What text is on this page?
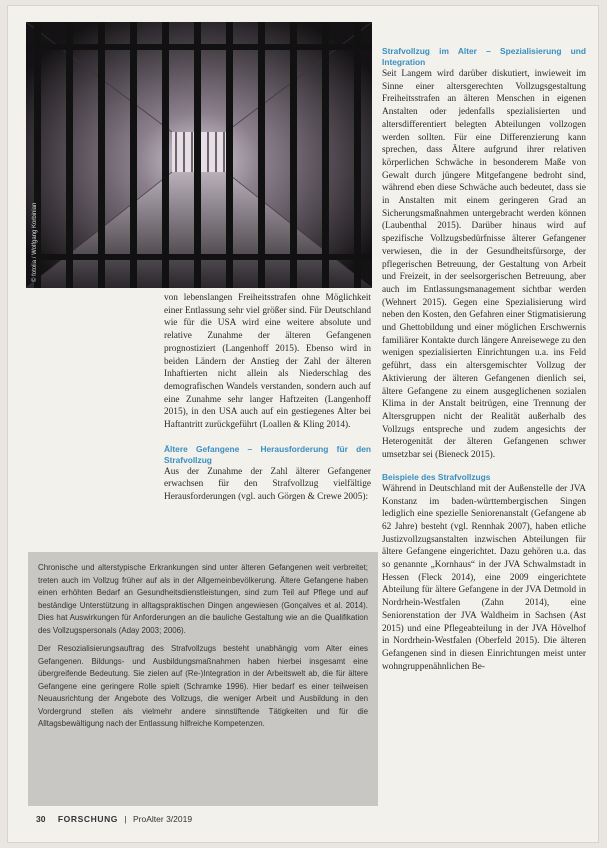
© fotolia / Wolfgang Korbinian

von lebenslangen Freiheitsstrafen ohne Möglichkeit einer Entlassung sehr viel größer sind. Für Deutschland wie für die USA wird eine weitere absolute und relative Zunahme der älteren Gefangenen prognostiziert (Langenhoff 2015). Ebenso wird in beiden Ländern der Anstieg der Zahl der älteren Inhaftierten nicht allein als Niederschlag des demografischen Wandels verstanden, sondern auch auf eine Zunahme sehr langer Haftzeiten (Langenhoff 2015), in den USA auch auf ein gestiegenes Alter bei Haftantritt zurückgeführt (Loallen & Kling 2014).

Ältere Gefangene – Herausforderung für den Strafvollzug

Aus der Zunahme der Zahl älterer Gefangener erwachsen für den Strafvollzug vielfältige Herausforderungen (vgl. auch Görgen & Crewe 2005):

Strafvollzug im Alter – Spezialisierung und Integration

Seit Langem wird darüber diskutiert, inwieweit im Sinne einer altersgerechten Vollzugsgestaltung Freiheitsstrafen an älteren Menschen in eigenen Anstalten oder jedenfalls spezialisierten und altersdifferentiert belegten Abteilungen vollzogen werden sollten. Für eine Differenzierung kann sprechen, dass Ältere aufgrund ihrer relativen körperlichen Schwäche in besonderem Maße von Gewalt durch jüngere Mitgefangene bedroht sind, während eben diese Schwäche auch bedeutet, dass sie in Anstalten mit einem geringeren Grad an Sicherungsmaßnahmen untergebracht werden können (Laubenthal 2015). Darüber hinaus wird auf spezifische Vollzugsbedürfnisse älterer Gefangener verwiesen, die in der Gesundheitsfürsorge, der pflegerischen Betreuung, der Gestaltung von Arbeit und Freizeit, in der seelsorgerischen Betreuung, aber auch im Entlassungsmanagement sichtbar werden (Wehnert 2015). Gegen eine Spezialisierung wird neben den Kosten, den Gefahren einer Stigmatisierung und Ghettobildung und einer möglichen Erschwernis familiärer Kontakte durch längere Anreisewege zu den wenigen spezialisierten Einrichtungen u.a. ins Feld geführt, dass ein altersgemischter Vollzug der Aktivierung der älteren Gefangenen dienlich sei, ältere Gefangene zu einem ausgeglichenen sozialen Klima in der Anstalt beitrügen, eine Trennung der Altersgruppen nicht der Realität außerhalb des Vollzugs entspreche und zudem angesichts der Heterogenität der älteren Gefangenen schwer umsetzbar sei (Bieneck 2015).

Beispiele des Strafvollzugs

Während in Deutschland mit der Außenstelle der JVA Konstanz im baden-württembergischen Singen lediglich eine spezielle Seniorenanstalt (Gefangene ab 62 Jahre) besteht (vgl. Rennhak 2007), haben etliche Justizvollzugsanstalten inzwischen Abteilungen für ältere Gefangene eingerichtet. Dazu gehören u.a. das so genannte „Kornhaus“ in der JVA Schwalmstadt in Hessen (Fleck 2014), eine 2009 eingerichtete Abteilung für ältere Gefangene in der JVA Detmold in Nordrhein-Westfalen (Zahn 2014), eine Seniorenstation der JVA Waldheim in Sachsen (Ast 2015) und eine Pflegeabteilung in der JVA Hövelhof in Nordrhein-Westfalen (Oberfeld 2015). Die älteren Gefangenen sind in diesen Einrichtungen meist unter wohngruppenähnlichen Be-

Chronische und alterstypische Erkrankungen sind unter älteren Gefangenen weit verbreitet; treten auch im Vollzug früher auf als in der Allgemeinbevölkerung. Ältere Gefangene haben einen erhöhten Bedarf an Gesundheitsdienstleistungen, sind zum Teil auf Pflege und auf beständige Unterstützung in alltagspraktischen Dingen angewiesen (Gonçalves et al. 2014). Dies hat Auswirkungen für Anforderungen an die bauliche Gestaltung wie an die Qualifikation des Vollzugspersonals (Aday 2003; 2006).

Der Resozialisierungsauftrag des Strafvollzugs besteht unabhängig vom Alter eines Gefangenen. Bildungs- und Ausbildungsmaßnahmen haben hierbei insgesamt eine übergreifende Bedeutung. Sie zielen auf (Re-)Integration in der Arbeitswelt ab, die für ältere Gefangene eine geringere Rolle spielt (Schramke 1996). Hier bedarf es einer teilweisen Neuausrichtung der Angebote des Vollzugs, die weniger Arbeit und Ausbildung in den Vordergrund stellen als vielmehr andere sinnstiftende Tätigkeiten und für die Alltagsbewältigung nach der Entlassung hilfreiche Kompetenzen.

30 FORSCHUNG | ProAlter 3/2019
